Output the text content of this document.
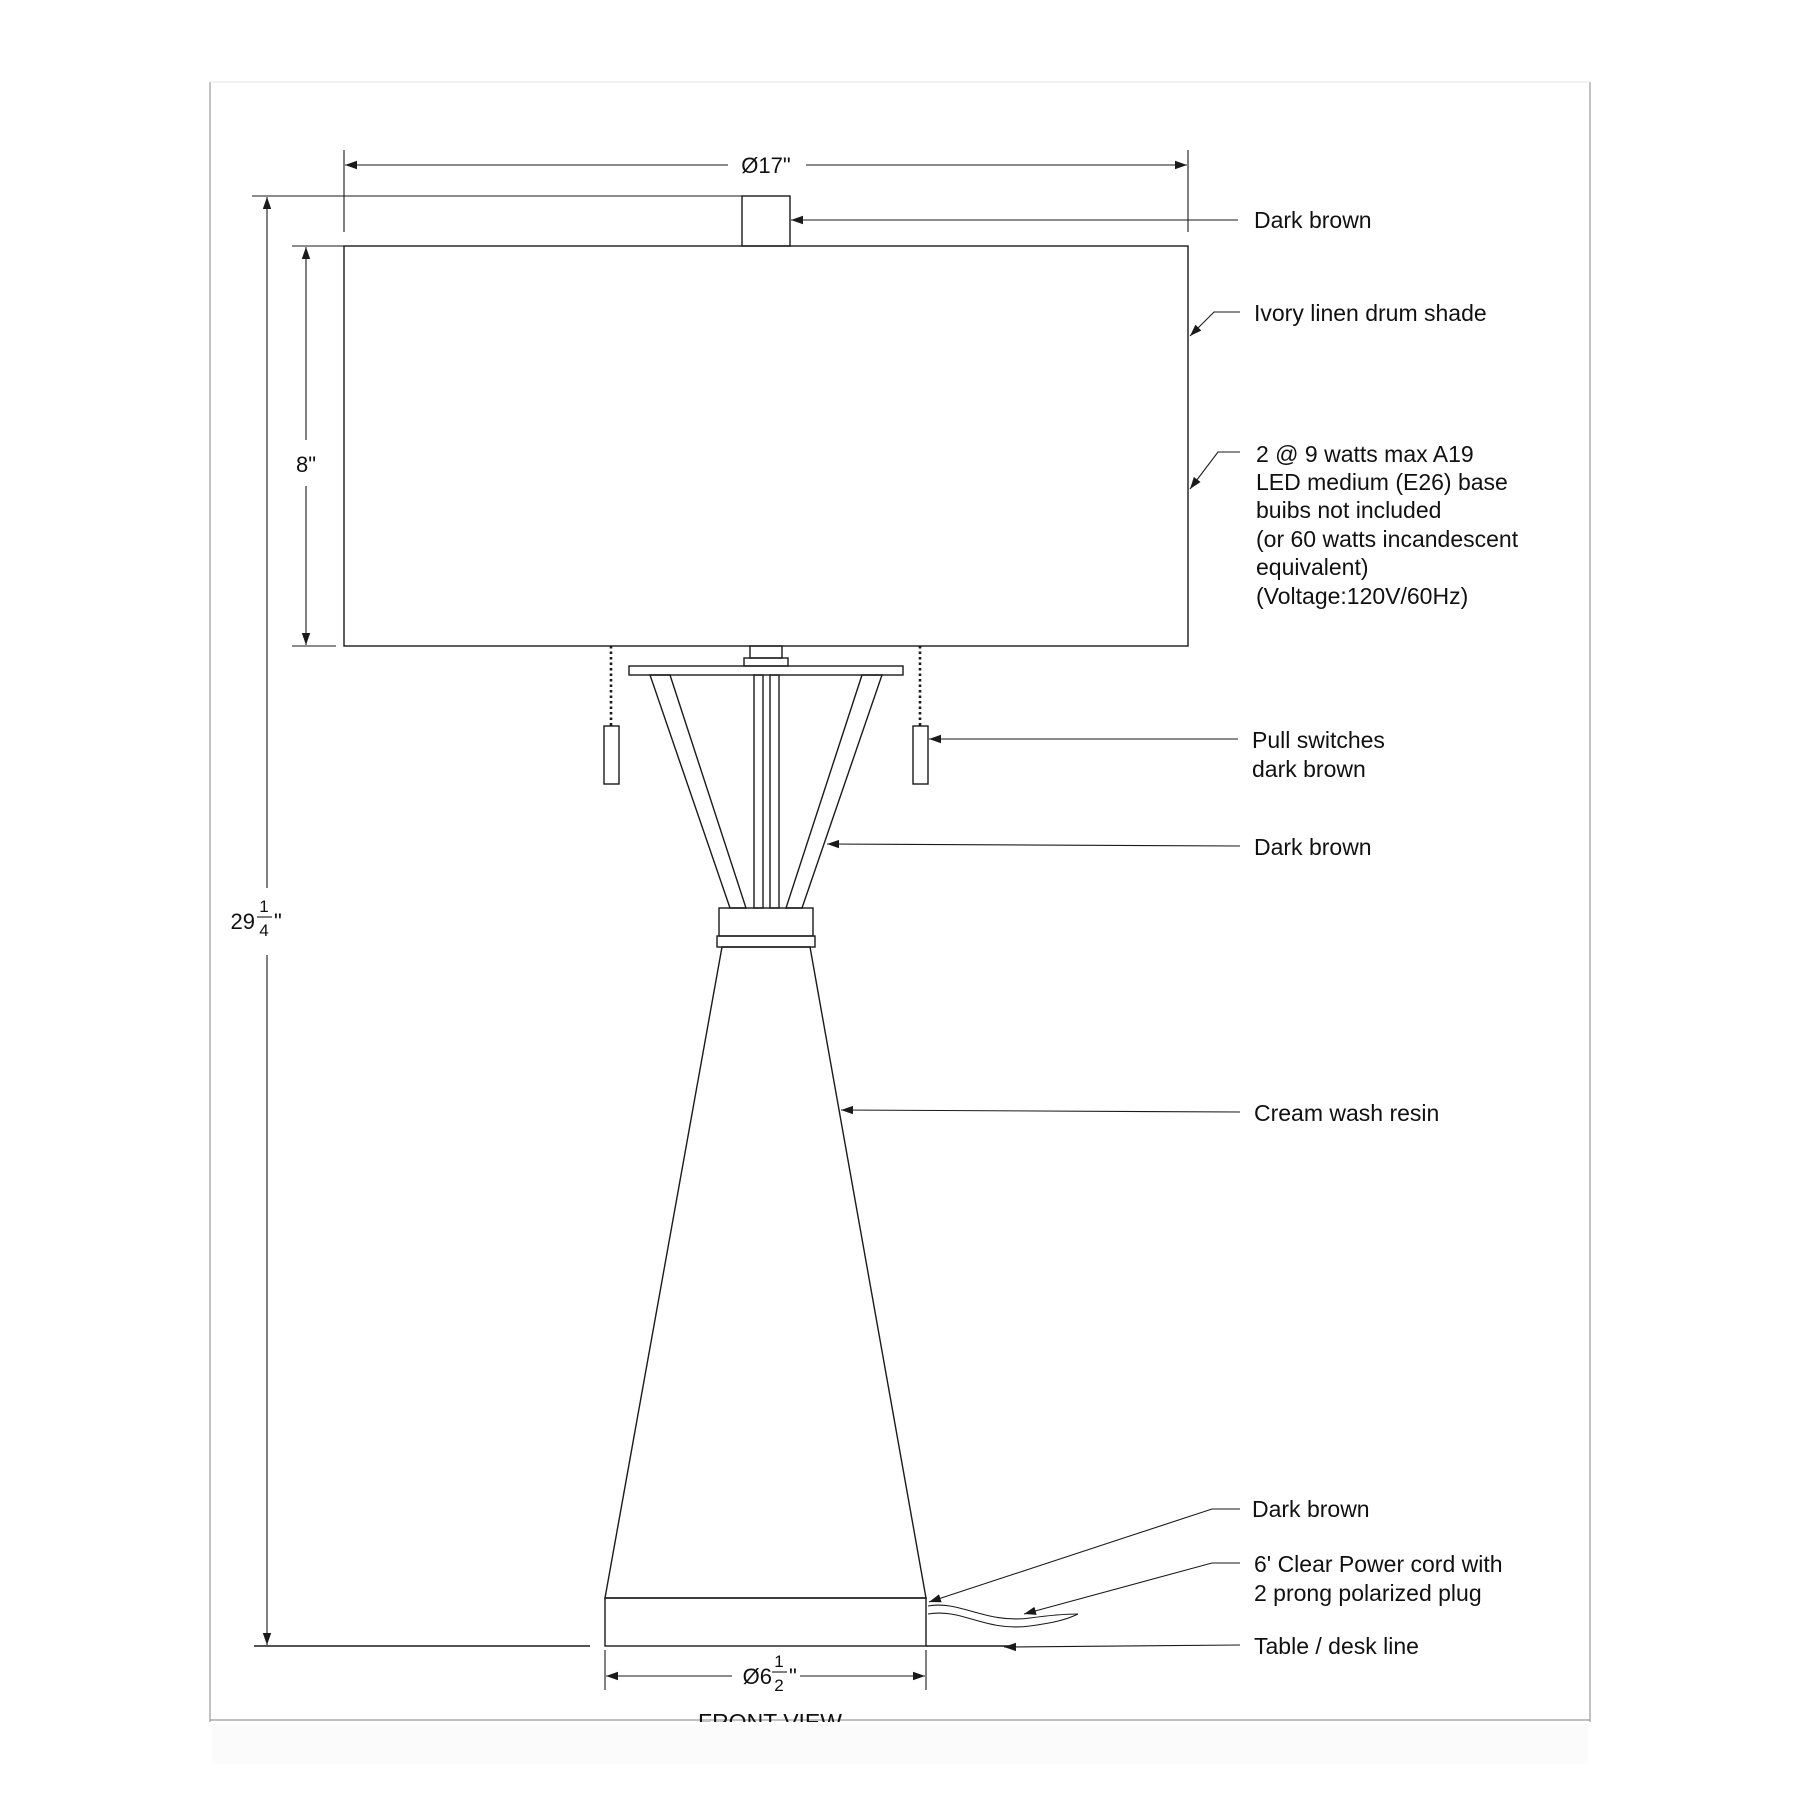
Ø17"
8"
29
1
4 "
Ø6
1
2 "
Dark brown
Ivory linen drum shade
2 @ 9 watts max A19
LED medium (E26) base
buibs not included
(or 60 watts incandescent
equivalent)
(Voltage:120V/60Hz)
Pull switches
dark brown
Dark brown
Cream wash resin
Dark brown
6' Clear Power cord with
2 prong polarized plug
Table / desk line
